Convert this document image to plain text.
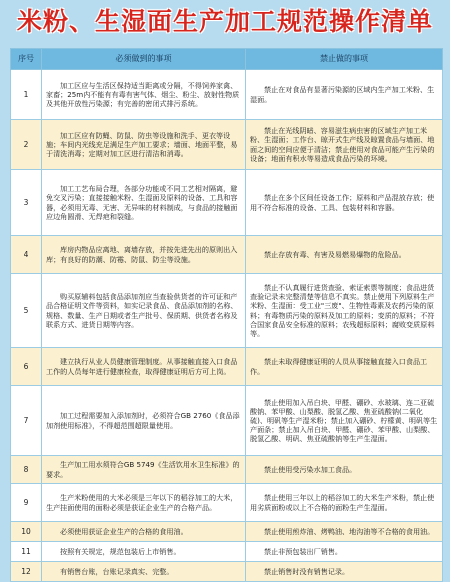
米粉、生湿面生产加工规范操作清单
序号	必须做到的事项	禁止做的事项
1	加工区应与生活区保持适当距离或分隔，不得饲养家禽、家畜；25m内不能有有毒有害气体、烟尘、粉尘、放射性物质及其他开放性污染源；有完善的密闭式排污系统。	禁止在对食品有显著污染源的区域内生产加工米粉、生湿面。

2	加工区应有防蝇、防鼠、防虫等设施和洗手、更衣等设施；车间内光线充足满足生产加工要求；墙面、地面平整，易于清洗消毒；定期对加工区进行清洁和消毒。	禁止在光线阴暗、容易滋生病虫害的区域生产加工米粉、生湿面；工作台、晾开式生产线及晾置食品与墙面、地面之间的空间应便于清洁；禁止使用对食品可能产生污染的设备；地面有积水等易造成食品污染的环境。

3	加工工艺布局合理，各部分功能或不同工艺相对隔离，避免交叉污染；直接接触米粉、生湿面及原料的设备、工具和容器，必须用无毒、无害、无异味的材料制成，与食品的接触面应边角圆滑、无焊疤和裂缝。	禁止在多个区间任设备工作；原料和产品混放存放；使用不符合标准的设备、工具、包装材料和容器。

4	库房内物品应离地、离墙存放，并按先进先出的原则出入库；有良好的防潮、防霉、防鼠、防尘等设施。	禁止存放有毒、有害及易燃易爆物的危险品。

5	购买原辅料包括食品添加剂应当查验供货者的许可证和产品合格证明文件等资料，如实记录食品、食品添加剂的名称、规格、数量、生产日期或者生产批号、保质期、供货者名称及联系方式、进货日期等内容。	禁止不认真履行进货查验、索证索票等制度；食品进货查验记录未完整清楚等信息不真实。禁止使用下列原料生产米粉、生湿面：受工业"三废"、生物性毒素及农药污染的原料；有毒物质污染的原料及加工的原料；变质的原料；不符合国家食品安全标准的原料；农残超标原料；腐败变质原料等。

6	建立执行从业人员健康管理制度。从事接触直接入口食品工作的人员每年进行健康检查，取得健康证明后方可上岗。	禁止未取得健康证明的人员从事接触直接入口食品工作。

7	加工过程需要加入添加剂时，必须符合GB 2760《食品添加剂使用标准》，不得超范围超限量使用。	禁止使用加入吊白块、甲醛、硼砂、水玻璃、连二亚硫酸钠、苯甲酸、山梨酸、脱氢乙酸、焦亚硫酸钠(二氧化硫)、明矾等生产湿米粉；禁止加入硼砂、柠檬黄、明矾等生产面条；禁止加入吊白块、甲醛、硼砂、苯甲酸、山梨酸、脱氢乙酸、明矾、焦亚硫酸钠等生产生湿面。

8	生产加工用水须符合GB 5749《生活饮用水卫生标准》的要求。	禁止使用受污染水加工食品。

9	生产米粉使用的大米必须是三年以下的稻谷加工的大米，生产挂面使用的面粉必须是获证企业生产的合格产品。	禁止使用三年以上的稻谷加工的大米生产米粉，禁止使用劣质面粉或以上不合格的面粉生产生湿面。

10	必须使用获证企业生产的合格的食用油。	禁止使用煎炸油、烤鸭油、地沟油等不合格的食用油。

11	按照有关规定，规范包装后上市销售。	禁止非预包装出厂销售。

12	有销售台账，台账记录真实、完整。	禁止销售时没有销售记录。
